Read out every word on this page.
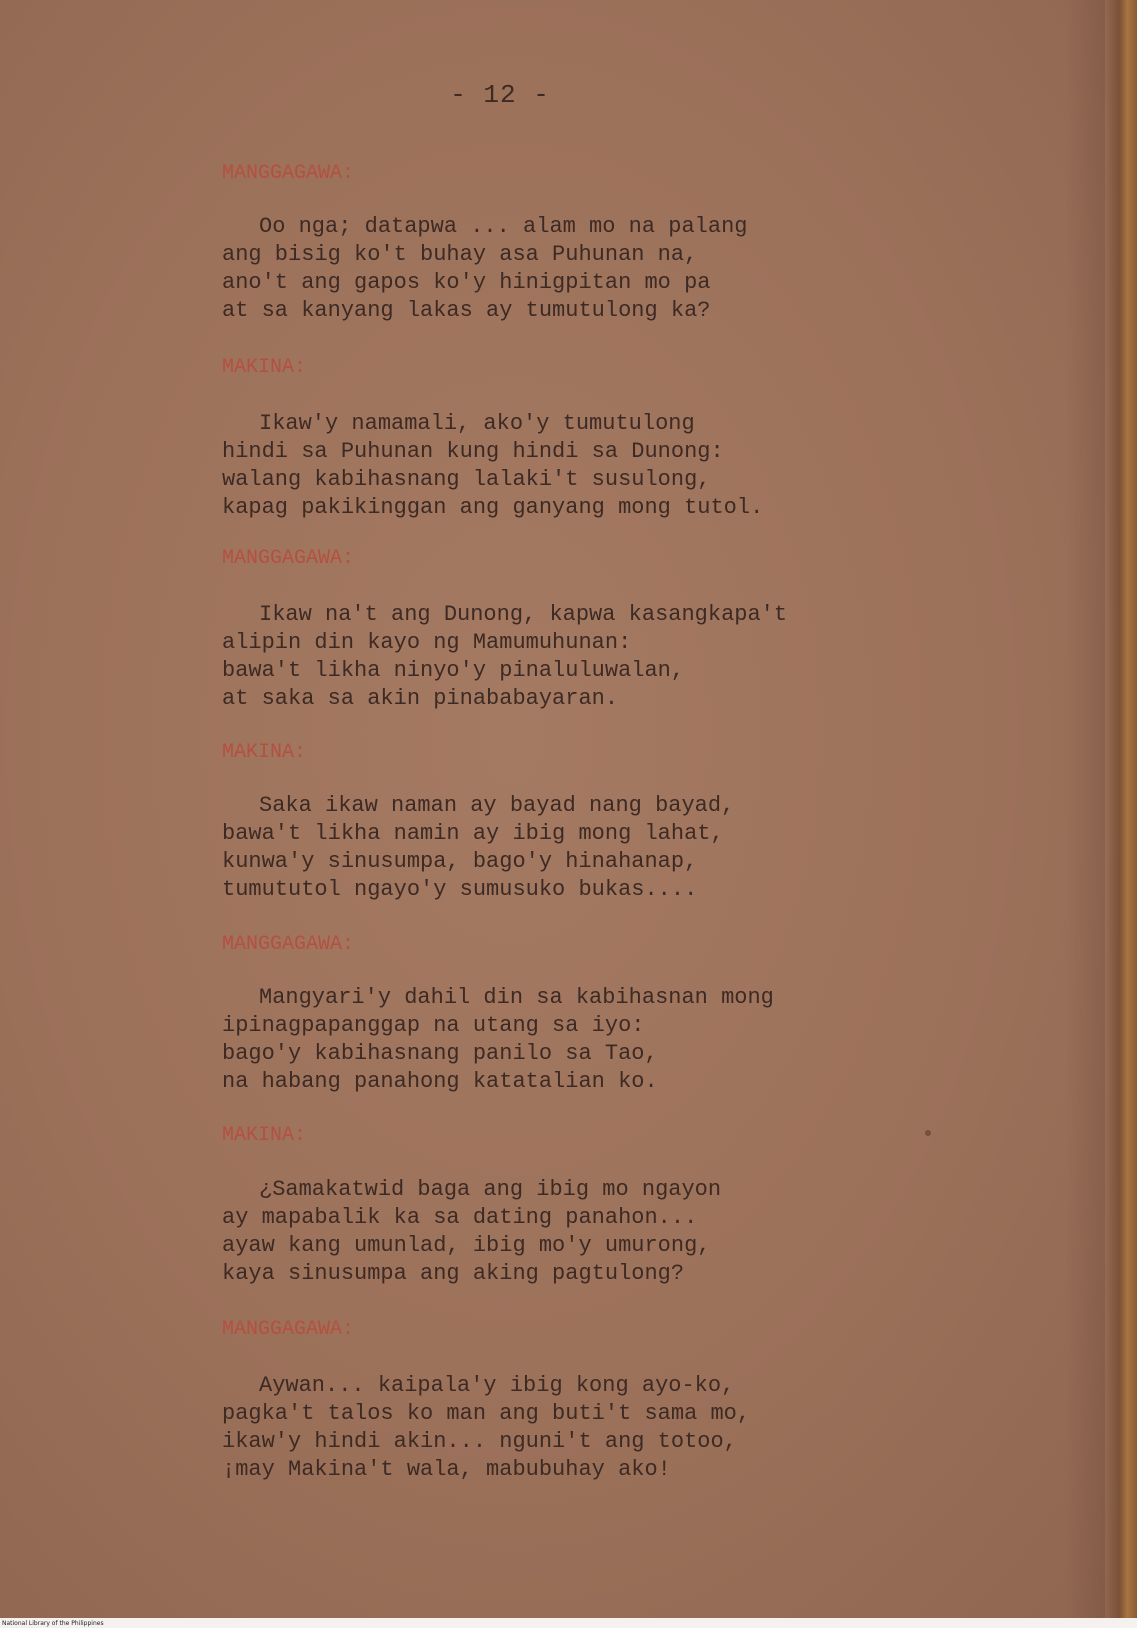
- 12 -
MANGGAGAWA:
Oo nga; datapwa ... alam mo na palang
ang bisig ko't buhay asa Puhunan na,
ano't ang gapos ko'y hinigpitan mo pa
at sa kanyang lakas ay tumutulong ka?
MAKINA:
Ikaw'y namamali, ako'y tumutulong
hindi sa Puhunan kung hindi sa Dunong:
walang kabihasnang lalaki't susulong,
kapag pakikinggan ang ganyang mong tutol.
MANGGAGAWA:
Ikaw na't ang Dunong, kapwa kasangkapa't
alipin din kayo ng Mamumuhunan:
bawa't likha ninyo'y pinaluluwalan,
at saka sa akin pinababayaran.
MAKINA:
Saka ikaw naman ay bayad nang bayad,
bawa't likha namin ay ibig mong lahat,
kunwa'y sinusumpa, bago'y hinahanap,
tumututol ngayo'y sumusuko bukas....
MANGGAGAWA:
Mangyari'y dahil din sa kabihasnan mong
ipinagpapanggap na utang sa iyo:
bago'y kabihasnang panilo sa Tao,
na habang panahong katatalian ko.
MAKINA:
¿Samakatwid baga ang ibig mo ngayon
ay mapabalik ka sa dating panahon...
ayaw kang umunlad, ibig mo'y umurong,
kaya sinusumpa ang aking pagtulong?
MANGGAGAWA:
Aywan... kaipala'y ibig kong ayo-ko,
pagka't talos ko man ang buti't sama mo,
ikaw'y hindi akin... nguni't ang totoo,
¡may Makina't wala, mabubuhay ako!
National Library of the Philippines
